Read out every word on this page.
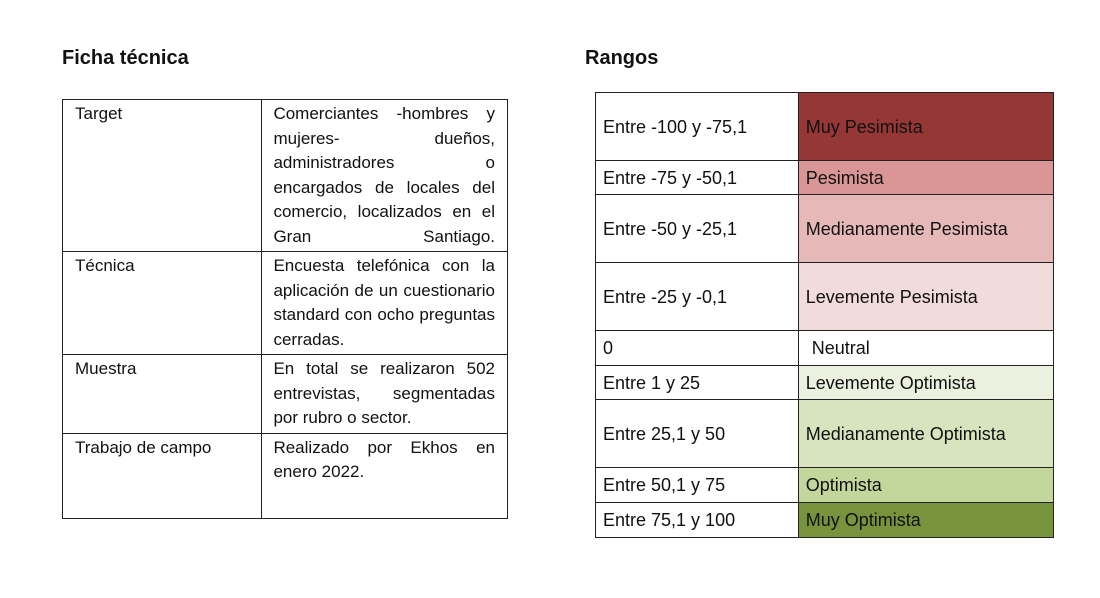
Ficha técnica	Rangos
Target	Comerciantes -hombres y mujeres- dueños, administradores o encargados de locales del comercio, localizados en el Gran Santiago.
Técnica	Encuesta telefónica con la aplicación de un cuestionario standard con ocho preguntas cerradas.
Muestra	En total se realizaron 502 entrevistas, segmentadas por rubro o sector.
Trabajo de campo	Realizado por Ekhos en enero 2022.
Entre -100 y -75,1	Muy Pesimista
Entre -75 y -50,1	Pesimista
Entre -50 y -25,1	Medianamente Pesimista
Entre -25 y -0,1	Levemente Pesimista
0	Neutral
Entre 1 y 25	Levemente Optimista
Entre 25,1 y 50	Medianamente Optimista
Entre 50,1 y 75	Optimista
Entre 75,1 y 100	Muy Optimista
